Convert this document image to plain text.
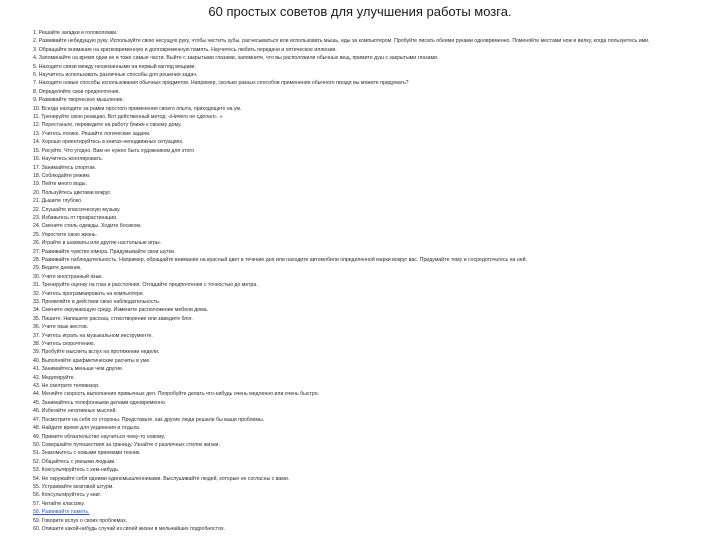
60 простых советов для улучшения работы мозга.
1. Решайте загадки и головоломки.
2. Развивайте небедущую руку. Используйте свою несущую руку, чтобы чистить зубы, расчесываться или использовать мышь, еды за компьютером. Пробуйте писать обеими руками одновременно. Поменяйте местами нож и вилку, когда пользуетесь ими.
3. Обращайте внимание на кратковременную и долговременную память. Научитесь любить передачи и оптическое иллюзии.
4. Запоминайте на время одни их и тоже самые части. Выйте с закрытыми глазами, запомните, что вы расположили обычных вещ, примите душ с закрытыми глазами.
5. Находите связи между несвязанными на первый взгляд вещами.
6. Научитесь использовать различные способы для решения задач.
7. Находите новые способы использования обычных предметов. Например, сколько разных способов применения обычного гвоздя вы можете придумать?
8. Определяйте свои предпочтения.
9. Развивайте творческое мышление.
10. Всегда находите за рамки простого применения своего опыта, приходящего на ум.
11. Тренируйте свою реакцию. Вот действенный метод: «Ничего не сделал». «
12. Перестаньте, переведите на работу ближе к своему дому.
13. Учитесь логике. Решайте логические задачи.
14. Хорошо ориентируйтесь в книгах-неподвижных ситуациях.
15. Рисуйте. Что угодно. Вам не нужно быть художником для этого
16. Научитесь жонглировать.
17. Занимайтесь спортом.
18. Соблюдайте режим.
19. Пейте много воды.
20. Пользуйтесь цветами вокруг.
21. Дышите глубоко.
22. Слушайте классическую музыку.
23. Избавьтесь от прокрастинации.
24. Смените стиль одежды. Ходите босиком.
25. Упростите свою жизнь.
26. Играйте в шахматы или другие настольные игры.
27. Развивайте чувство юмора. Придумывайте свои шутки.
28. Развивайте наблюдательность. Например, обращайте внимание на красный цвет в течение дня или находите автомобили определенной марки вокруг вас. Придумайте тему и сосредоточьтесь на ней.
29. Ведите дневник.
30. Учите иностранный язык.
31. Тренируйте оценку на глаз и расстояния. Отгадайте предпочтения с точностью до метра.
32. Учитесь программировать на компьютере.
33. Проявляйте в действии свою наблюдательность.
34. Смените окружающую среду. Измените расположение мебели дома.
35. Пишите. Напишите рассказ, стихотворение или заведите блог.
36. Учите язык жестов.
37. Учитесь играть на музыкальном инструменте.
38. Учитесь скорочтению.
39. Пробуйте мыслить вслух на протяжении недели.
40. Выполняйте арифметические расчеты в уме.
41. Занимайтесь меньше чем другие.
42. Медитируйте.
43. Не смотрите телевизор.
44. Меняйте скорость выполнения привычных дел. Попробуйте делать что-нибудь очень медленно или очень быстро.
45. Занимайтесь телефонными делами одновременно.
46. Избегайте негативных мыслей.
47. Посмотрите на себя со стороны. Представьте, как другие люди решали бы ваши проблемы.
48. Найдите время для уединения и отдыха.
49. Примите обязательство научиться чему-то новому.
50. Совершайте путешествия за границу. Узнайте о различных стилях жизни.
51. Знакомьтесь с новыми приемами техник.
52. Общайтесь с умными людьми.
53. Консультируйтесь с кем-нибудь.
54. Не окружайте себя одними единомышленниками. Выслушивайте людей, которые не согласны с вами.
55. Устраивайте мозговой штурм.
56. Консультируйтесь у книг.
57. Читайте классику.
58. Развивайте память.
59. Говорите вслух о своих проблемах.
60. Опишите какой-нибудь случай из своей жизни в мельчайших подробностях.
